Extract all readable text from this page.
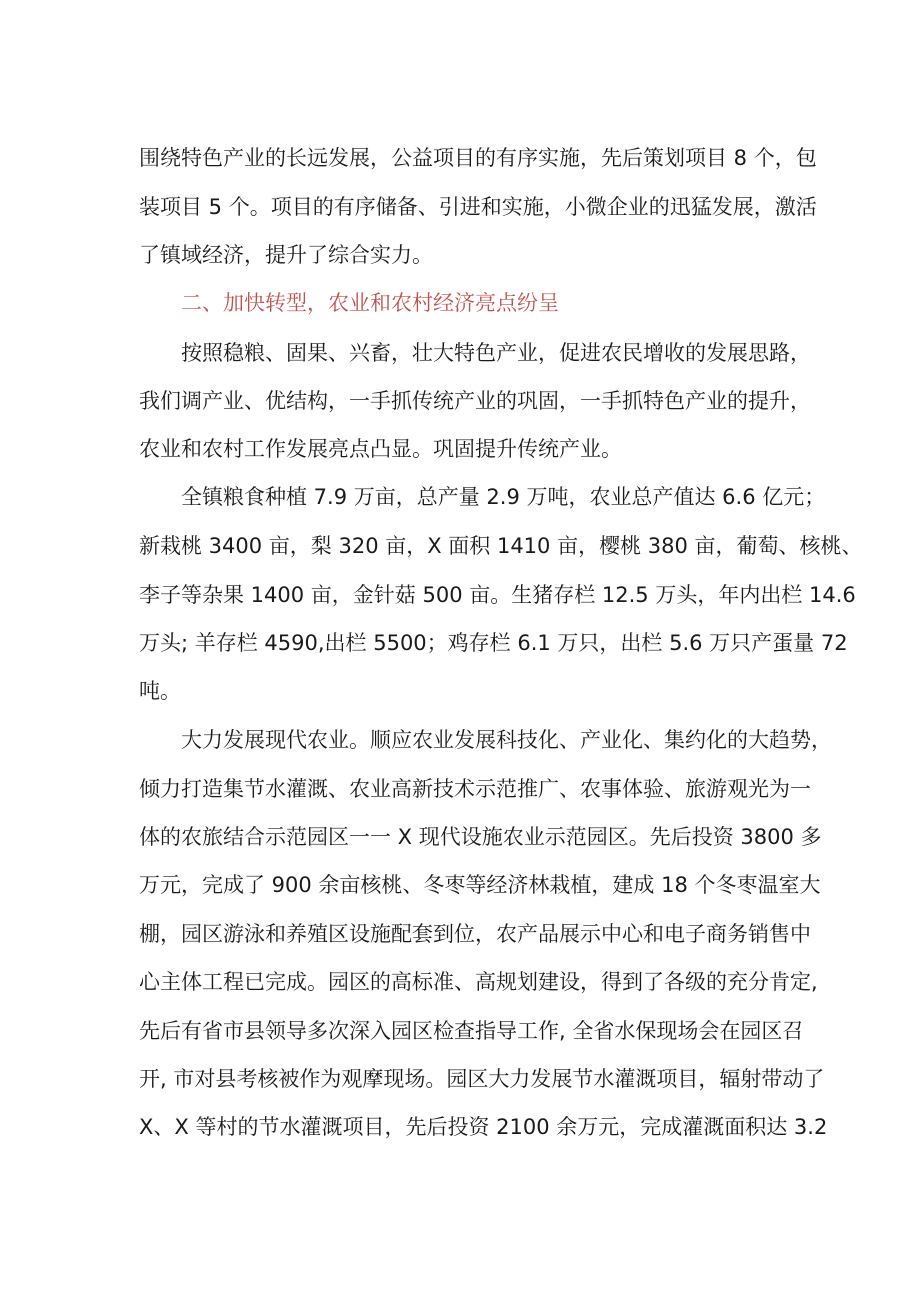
围绕特色产业的长远发展，公益项目的有序实施，先后策划项目 8 个，包
装项目 5 个。项目的有序储备、引进和实施，小微企业的迅猛发展，激活
了镇域经济，提升了综合实力。
二、加快转型，农业和农村经济亮点纷呈
按照稳粮、固果、兴畜，壮大特色产业，促进农民增收的发展思路，
我们调产业、优结构，一手抓传统产业的巩固，一手抓特色产业的提升，
农业和农村工作发展亮点凸显。巩固提升传统产业。
全镇粮食种植 7.9 万亩，总产量 2.9 万吨，农业总产值达 6.6 亿元；
新栽桃 3400 亩，梨 320 亩，X 面积 1410 亩，樱桃 380 亩，葡萄、核桃、
李子等杂果 1400 亩，金针菇 500 亩。生猪存栏 12.5 万头，年内出栏 14.6
万头; 羊存栏 4590,出栏 5500；鸡存栏 6.1 万只，出栏 5.6 万只产蛋量 72
吨。
大力发展现代农业。顺应农业发展科技化、产业化、集约化的大趋势，
倾力打造集节水灌溉、农业高新技术示范推广、农事体验、旅游观光为一
体的农旅结合示范园区一一 X 现代设施农业示范园区。先后投资 3800 多
万元，完成了 900 余亩核桃、冬枣等经济林栽植，建成 18 个冬枣温室大
棚，园区游泳和养殖区设施配套到位，农产品展示中心和电子商务销售中
心主体工程已完成。园区的高标准、高规划建设，得到了各级的充分肯定,
先后有省市县领导多次深入园区检查指导工作, 全省水保现场会在园区召
开, 市对县考核被作为观摩现场。园区大力发展节水灌溉项目，辐射带动了
X、X 等村的节水灌溉项目，先后投资 2100 余万元，完成灌溉面积达 3.2
